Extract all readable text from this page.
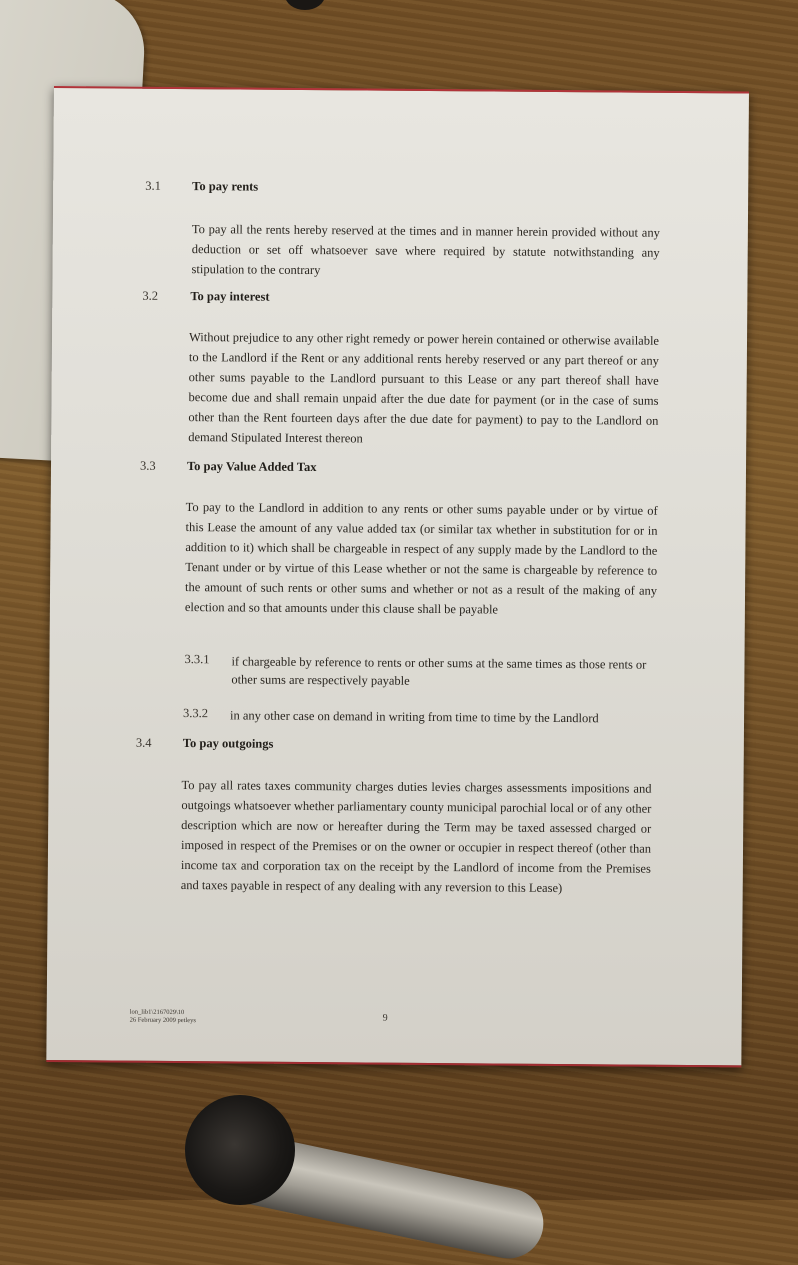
3.1	To pay rents
To pay all the rents hereby reserved at the times and in manner herein provided without any deduction or set off whatsoever save where required by statute notwithstanding any stipulation to the contrary
3.2	To pay interest
Without prejudice to any other right remedy or power herein contained or otherwise available to the Landlord if the Rent or any additional rents hereby reserved or any part thereof or any other sums payable to the Landlord pursuant to this Lease or any part thereof shall have become due and shall remain unpaid after the due date for payment (or in the case of sums other than the Rent fourteen days after the due date for payment) to pay to the Landlord on demand Stipulated Interest thereon
3.3	To pay Value Added Tax
To pay to the Landlord in addition to any rents or other sums payable under or by virtue of this Lease the amount of any value added tax (or similar tax whether in substitution for or in addition to it) which shall be chargeable in respect of any supply made by the Landlord to the Tenant under or by virtue of this Lease whether or not the same is chargeable by reference to the amount of such rents or other sums and whether or not as a result of the making of any election and so that amounts under this clause shall be payable
3.3.1 if chargeable by reference to rents or other sums at the same times as those rents or other sums are respectively payable
3.3.2 in any other case on demand in writing from time to time by the Landlord
3.4	To pay outgoings
To pay all rates taxes community charges duties levies charges assessments impositions and outgoings whatsoever whether parliamentary county municipal parochial local or of any other description which are now or hereafter during the Term may be taxed assessed charged or imposed in respect of the Premises or on the owner or occupier in respect thereof (other than income tax and corporation tax on the receipt by the Landlord of income from the Premises and taxes payable in respect of any dealing with any reversion to this Lease)
lon_lib1\2167029\10
26 February 2009 petleys	9
